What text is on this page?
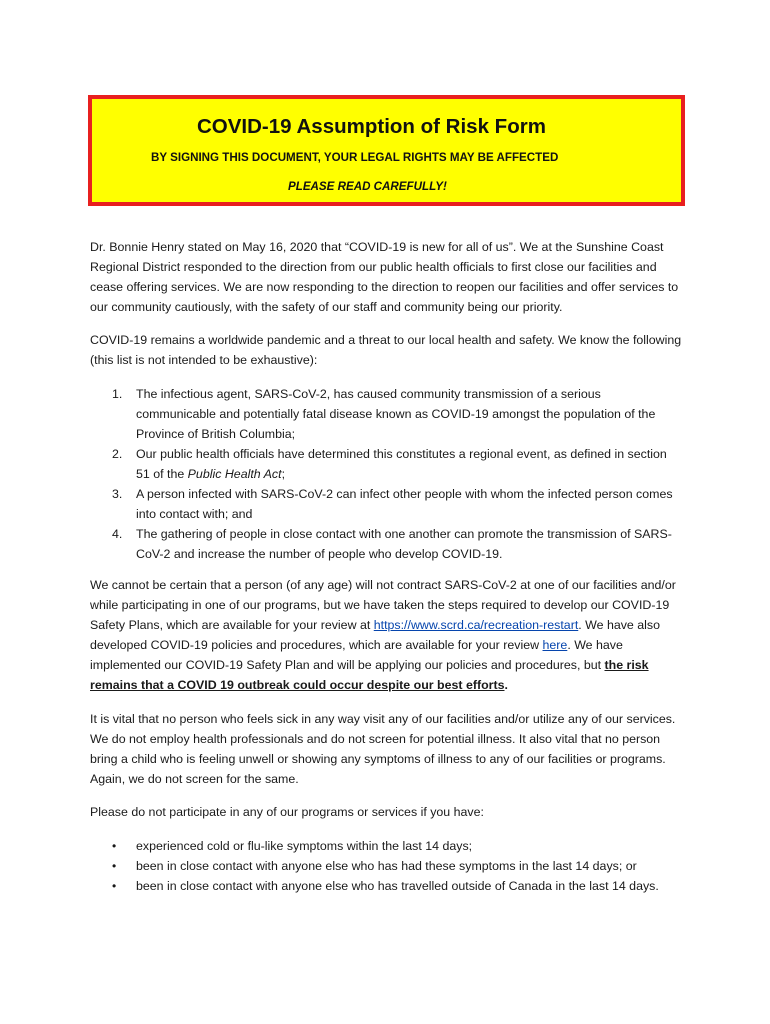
COVID-19 Assumption of Risk Form

BY SIGNING THIS DOCUMENT, YOUR LEGAL RIGHTS MAY BE AFFECTED

PLEASE READ CAREFULLY!

Dr. Bonnie Henry stated on May 16, 2020 that “COVID-19 is new for all of us”. We at the Sunshine Coast Regional District responded to the direction from our public health officials to first close our facilities and cease offering services. We are now responding to the direction to reopen our facilities and offer services to our community cautiously, with the safety of our staff and community being our priority.

COVID-19 remains a worldwide pandemic and a threat to our local health and safety. We know the following (this list is not intended to be exhaustive):

1. The infectious agent, SARS-CoV-2, has caused community transmission of a serious communicable and potentially fatal disease known as COVID-19 amongst the population of the Province of British Columbia;
2. Our public health officials have determined this constitutes a regional event, as defined in section 51 of the Public Health Act;
3. A person infected with SARS-CoV-2 can infect other people with whom the infected person comes into contact with; and
4. The gathering of people in close contact with one another can promote the transmission of SARS-CoV-2 and increase the number of people who develop COVID-19.

We cannot be certain that a person (of any age) will not contract SARS-CoV-2 at one of our facilities and/or while participating in one of our programs, but we have taken the steps required to develop our COVID-19 Safety Plans, which are available for your review at https://www.scrd.ca/recreation-restart. We have also developed COVID-19 policies and procedures, which are available for your review here. We have implemented our COVID-19 Safety Plan and will be applying our policies and procedures, but the risk remains that a COVID 19 outbreak could occur despite our best efforts.

It is vital that no person who feels sick in any way visit any of our facilities and/or utilize any of our services. We do not employ health professionals and do not screen for potential illness. It also vital that no person bring a child who is feeling unwell or showing any symptoms of illness to any of our facilities or programs. Again, we do not screen for the same.

Please do not participate in any of our programs or services if you have:

• experienced cold or flu-like symptoms within the last 14 days;
• been in close contact with anyone else who has had these symptoms in the last 14 days; or
• been in close contact with anyone else who has travelled outside of Canada in the last 14 days.
